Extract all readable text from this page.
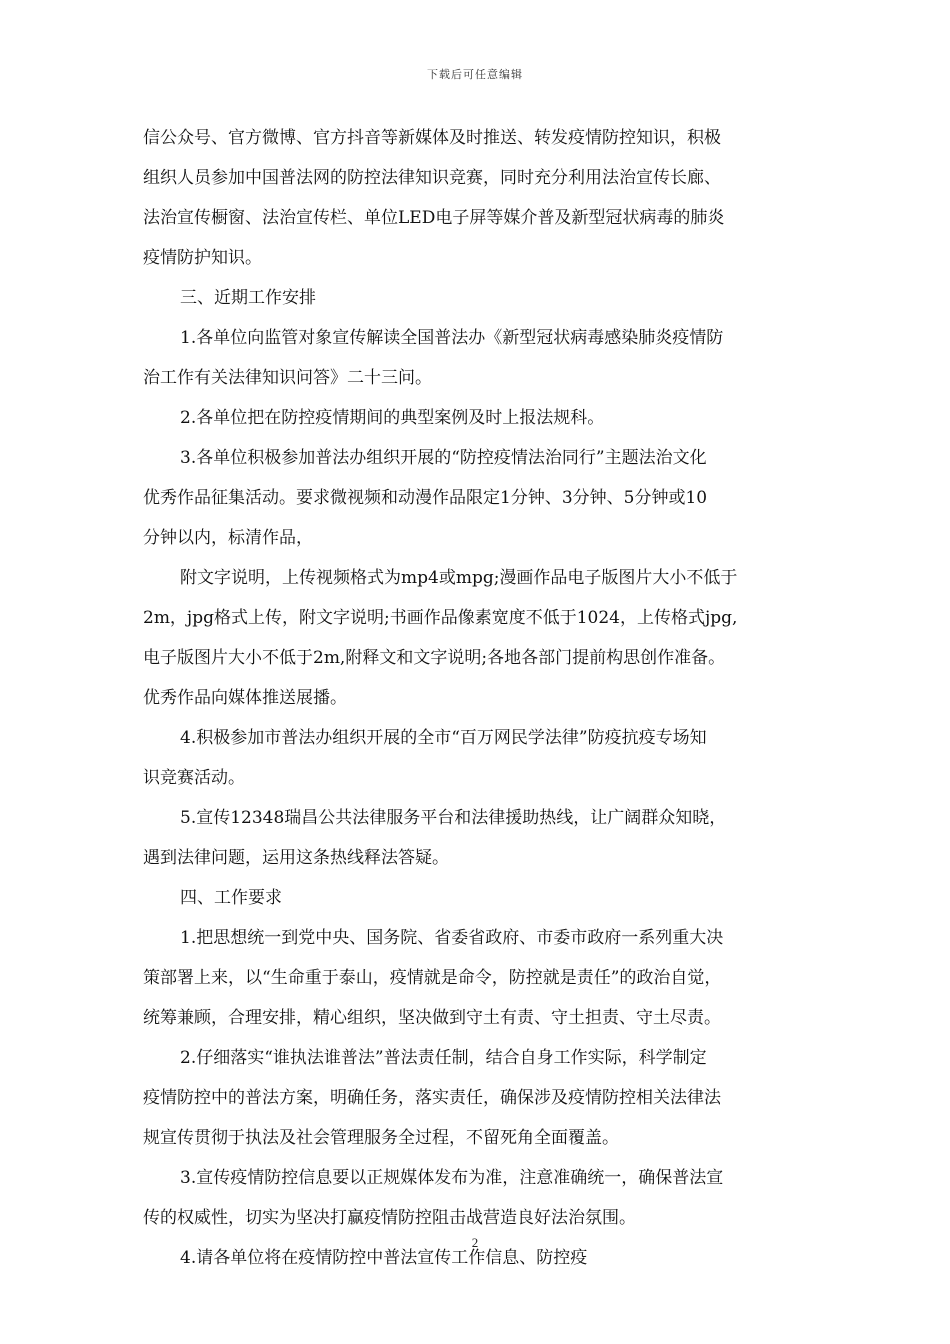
下载后可任意编辑
信公众号、官方微博、官方抖音等新媒体及时推送、转发疫情防控知识，积极
组织人员参加中国普法网的防控法律知识竞赛，同时充分利用法治宣传长廊、
法治宣传橱窗、法治宣传栏、单位LED电子屏等媒介普及新型冠状病毒的肺炎
疫情防护知识。
三、近期工作安排
1.各单位向监管对象宣传解读全国普法办《新型冠状病毒感染肺炎疫情防
治工作有关法律知识问答》二十三问。
2.各单位把在防控疫情期间的典型案例及时上报法规科。
3.各单位积极参加普法办组织开展的“防控疫情法治同行”主题法治文化
优秀作品征集活动。要求微视频和动漫作品限定1分钟、3分钟、5分钟或10
分钟以内，标清作品，
附文字说明，上传视频格式为mp4或mpg;漫画作品电子版图片大小不低于
2m，jpg格式上传，附文字说明;书画作品像素宽度不低于1024，上传格式jpg,
电子版图片大小不低于2m,附释文和文字说明;各地各部门提前构思创作准备。
优秀作品向媒体推送展播。
4.积极参加市普法办组织开展的全市“百万网民学法律”防疫抗疫专场知
识竞赛活动。
5.宣传12348瑞昌公共法律服务平台和法律援助热线，让广阔群众知晓，
遇到法律问题，运用这条热线释法答疑。
四、工作要求
1.把思想统一到党中央、国务院、省委省政府、市委市政府一系列重大决
策部署上来，以“生命重于泰山，疫情就是命令，防控就是责任”的政治自觉，
统筹兼顾，合理安排，精心组织，坚决做到守土有责、守土担责、守土尽责。
2.仔细落实“谁执法谁普法”普法责任制，结合自身工作实际，科学制定
疫情防控中的普法方案，明确任务，落实责任，确保涉及疫情防控相关法律法
规宣传贯彻于执法及社会管理服务全过程，不留死角全面覆盖。
3.宣传疫情防控信息要以正规媒体发布为准，注意准确统一，确保普法宣
传的权威性，切实为坚决打赢疫情防控阻击战营造良好法治氛围。
4.请各单位将在疫情防控中普法宣传工作信息、防控疫
2
